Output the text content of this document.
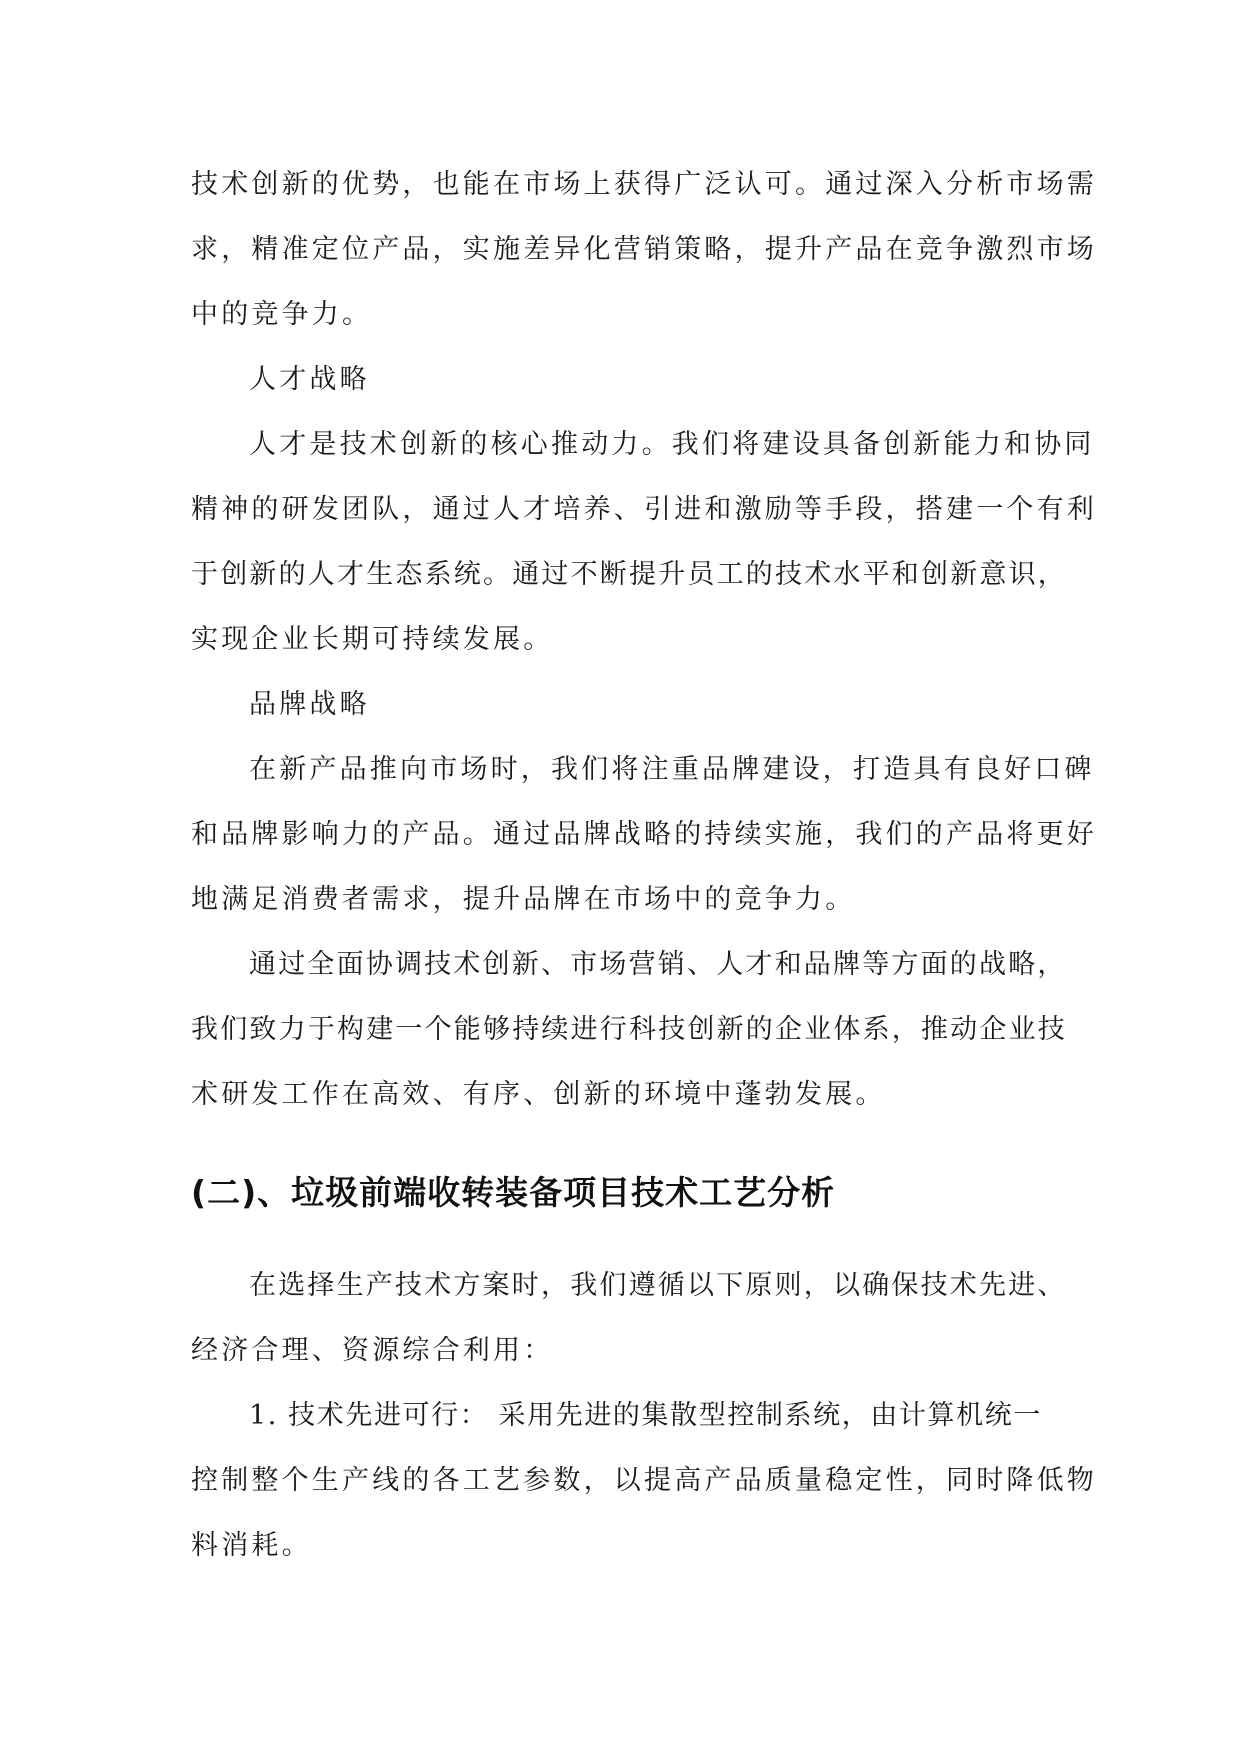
技术创新的优势，也能在市场上获得广泛认可。通过深入分析市场需
求，精准定位产品，实施差异化营销策略，提升产品在竞争激烈市场
中的竞争力。
人才战略
人才是技术创新的核心推动力。我们将建设具备创新能力和协同
精神的研发团队，通过人才培养、引进和激励等手段，搭建一个有利
于创新的人才生态系统。通过不断提升员工的技术水平和创新意识，
实现企业长期可持续发展。
品牌战略
在新产品推向市场时，我们将注重品牌建设，打造具有良好口碑
和品牌影响力的产品。通过品牌战略的持续实施，我们的产品将更好
地满足消费者需求，提升品牌在市场中的竞争力。
通过全面协调技术创新、市场营销、人才和品牌等方面的战略，
我们致力于构建一个能够持续进行科技创新的企业体系，推动企业技
术研发工作在高效、有序、创新的环境中蓬勃发展。
(二)、垃圾前端收转装备项目技术工艺分析
在选择生产技术方案时，我们遵循以下原则，以确保技术先进、
经济合理、资源综合利用：
1. 技术先进可行： 采用先进的集散型控制系统，由计算机统一
控制整个生产线的各工艺参数，以提高产品质量稳定性，同时降低物
料消耗。
